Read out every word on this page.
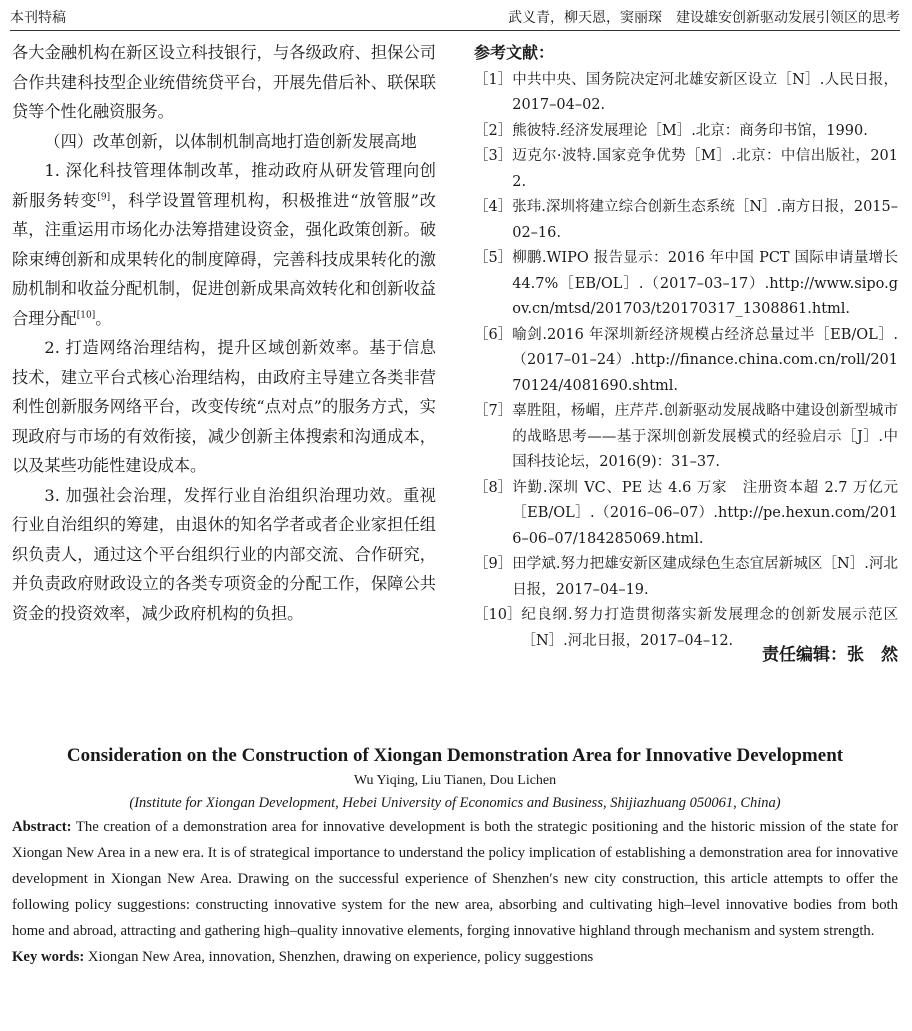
本刊特稿	武义青，柳天恩，窦丽琛　建设雄安创新驱动发展引领区的思考

各大金融机构在新区设立科技银行，与各级政府、担保公司合作共建科技型企业统借统贷平台，开展先借后补、联保联贷等个性化融资服务。

（四）改革创新，以体制机制高地打造创新发展高地

1. 深化科技管理体制改革，推动政府从研发管理向创新服务转变[9]，科学设置管理机构，积极推进“放管服”改革，注重运用市场化办法筹措建设资金，强化政策创新。破除束缚创新和成果转化的制度障碍，完善科技成果转化的激励机制和收益分配机制，促进创新成果高效转化和创新收益合理分配[10]。

2. 打造网络治理结构，提升区域创新效率。基于信息技术，建立平台式核心治理结构，由政府主导建立各类非营利性创新服务网络平台，改变传统“点对点”的服务方式，实现政府与市场的有效衔接，减少创新主体搜索和沟通成本，以及某些功能性建设成本。

3. 加强社会治理，发挥行业自治组织治理功效。重视行业自治组织的筹建，由退休的知名学者或者企业家担任组织负责人，通过这个平台组织行业的内部交流、合作研究，并负责政府财政设立的各类专项资金的分配工作，保障公共资金的投资效率，减少政府机构的负担。

参考文献：

［1］ 中共中央、国务院决定河北雄安新区设立［N］.人民日报，2017–04–02.
［2］ 熊彼特.经济发展理论［M］.北京：商务印书馆，1990.
［3］ 迈克尔·波特.国家竞争优势［M］.北京：中信出版社，2012.
［4］ 张玮.深圳将建立综合创新生态系统［N］.南方日报，2015–02–16.
［5］ 柳鹏.WIPO 报告显示：2016 年中国 PCT 国际申请量增长 44.7%［EB/OL］.（2017–03–17）.http://www.sipo.gov.cn/mtsd/201703/t20170317_1308861.html.
［6］ 喻剑.2016 年深圳新经济规模占经济总量过半［EB/OL］.（2017–01–24）.http://finance.china.com.cn/roll/20170124/4081690.shtml.
［7］ 辜胜阻，杨嵋，庄芹芹.创新驱动发展战略中建设创新型城市的战略思考——基于深圳创新发展模式的经验启示［J］.中国科技论坛，2016(9)：31–37.
［8］ 许勤.深圳 VC、PE 达 4.6 万家　注册资本超 2.7 万亿元［EB/OL］.（2016–06–07）.http://pe.hexun.com/2016–06–07/184285069.html.
［9］ 田学斌.努力把雄安新区建成绿色生态宜居新城区［N］.河北日报，2017–04–19.
［10］ 纪良纲.努力打造贯彻落实新发展理念的创新发展示范区［N］.河北日报，2017–04–12.
责任编辑：张　然

Consideration on the Construction of Xiongan Demonstration Area for Innovative Development

Wu Yiqing, Liu Tianen, Dou Lichen

(Institute for Xiongan Development, Hebei University of Economics and Business, Shijiazhuang 050061, China)

Abstract: The creation of a demonstration area for innovative development is both the strategic positioning and the historic mission of the state for Xiongan New Area in a new era. It is of strategical importance to understand the policy implication of establishing a demonstration area for innovative development in Xiongan New Area. Drawing on the successful experience of Shenzhen′s new city construction, this article attempts to offer the following policy suggestions: constructing innovative system for the new area, absorbing and cultivating high–level innovative bodies from both home and abroad, attracting and gathering high–quality innovative elements, forging innovative highland through mechanism and system strength.

Key words: Xiongan New Area, innovation, Shenzhen, drawing on experience, policy suggestions
